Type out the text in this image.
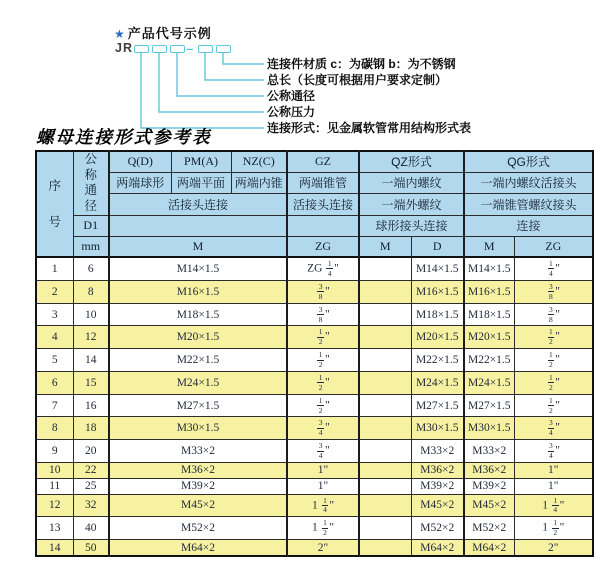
★ 产品代号示例
JR	–
连接件材质 c：为碳钢 b：为不锈钢
总长（长度可根据用户要求定制）
公称通径
公称压力
连接形式：见金属软管常用结构形式表
螺母连接形式参考表
序号	公称通径	Q(D)	PM(A)	NZ(C)	GZ	QZ形式		QG形式	
		两端球形	两端平面	两端内锥	两端锥管	一端内螺纹		一端内螺纹活接头	
		活接头连接			活接头连接	一端外螺纹		一端锥管螺纹接头	
	D1					球形接头连接		连接	
	mm	M			ZG	M	D	M	ZG
1	6	M14×1.5			ZG $\frac{1}{4}$ "		M14×1.5	M14×1.5	$\frac{1}{4}$ "
2	8	M16×1.5			$\frac{3}{8}$ "		M16×1.5	M16×1.5	$\frac{3}{8}$ "
3	10	M18×1.5			$\frac{3}{8}$ "		M18×1.5	M18×1.5	$\frac{3}{8}$ "
4	12	M20×1.5			$\frac{1}{2}$ "		M20×1.5	M20×1.5	$\frac{1}{2}$ "
5	14	M22×1.5			$\frac{1}{2}$ "		M22×1.5	M22×1.5	$\frac{1}{2}$ "
6	15	M24×1.5			$\frac{1}{2}$ "		M24×1.5	M24×1.5	$\frac{1}{2}$ "
7	16	M27×1.5			$\frac{1}{2}$ "		M27×1.5	M27×1.5	$\frac{1}{2}$ "
8	18	M30×1.5			$\frac{3}{4}$ "		M30×1.5	M30×1.5	$\frac{3}{4}$ "
9	20	M33×2			$\frac{3}{4}$ "		M33×2	M33×2	$\frac{3}{4}$ "
10	22	M36×2			1"		M36×2	M36×2	1"
11	25	M39×2			1"		M39×2	M39×2	1"
12	32	M45×2			$1 \frac{1}{4}$ "		M45×2	M45×2	$1 \frac{1}{4}$ "
13	40	M52×2			$1 \frac{1}{2}$ "		M52×2	M52×2	$1 \frac{1}{2}$ "
14	50	M64×2			2"		M64×2	M64×2	2"
